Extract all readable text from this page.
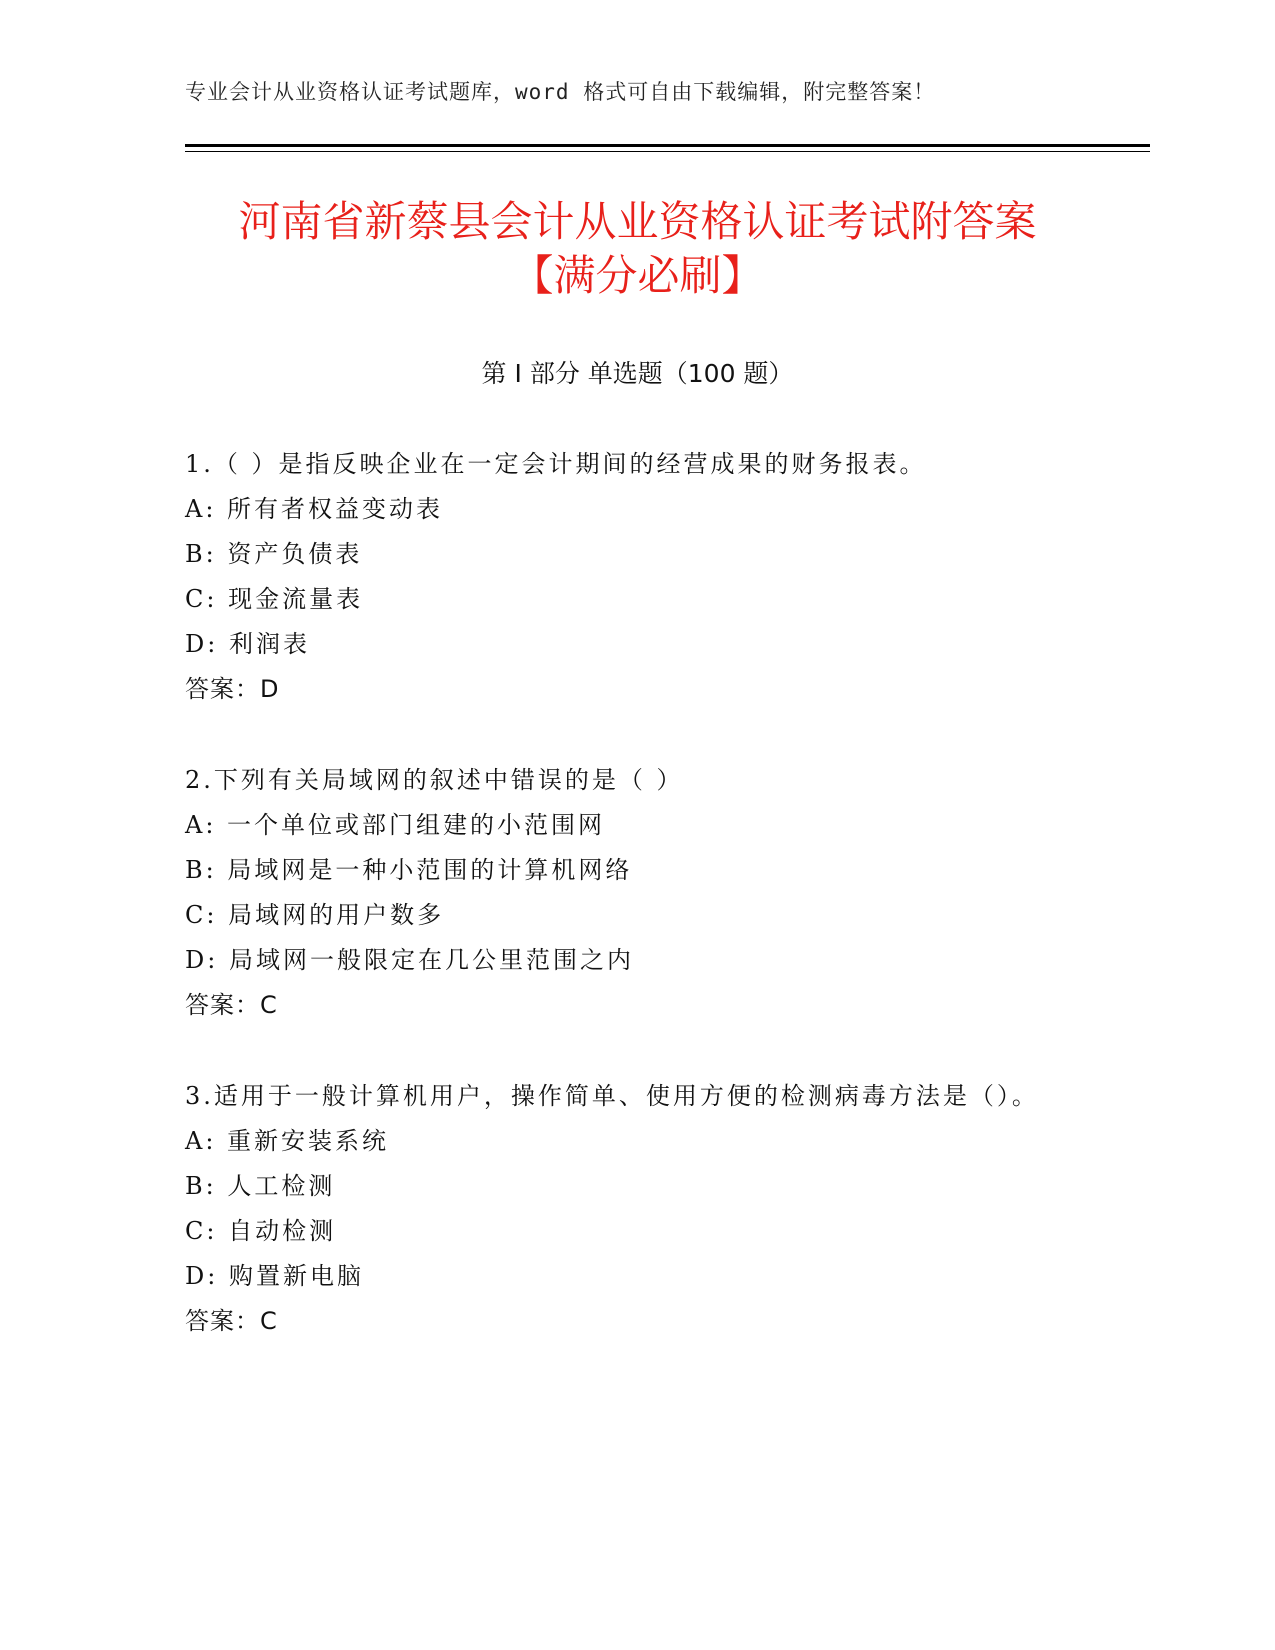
专业会计从业资格认证考试题库，word 格式可自由下载编辑，附完整答案！
河南省新蔡县会计从业资格认证考试附答案
【满分必刷】
第 I 部分 单选题（100 题）
1.（ ）是指反映企业在一定会计期间的经营成果的财务报表。
A: 所有者权益变动表
B: 资产负债表
C: 现金流量表
D: 利润表
答案：D
2.下列有关局域网的叙述中错误的是（ ）
A: 一个单位或部门组建的小范围网
B: 局域网是一种小范围的计算机网络
C: 局域网的用户数多
D: 局域网一般限定在几公里范围之内
答案：C
3.适用于一般计算机用户，操作简单、使用方便的检测病毒方法是（）。
A: 重新安装系统
B: 人工检测
C: 自动检测
D: 购置新电脑
答案：C
